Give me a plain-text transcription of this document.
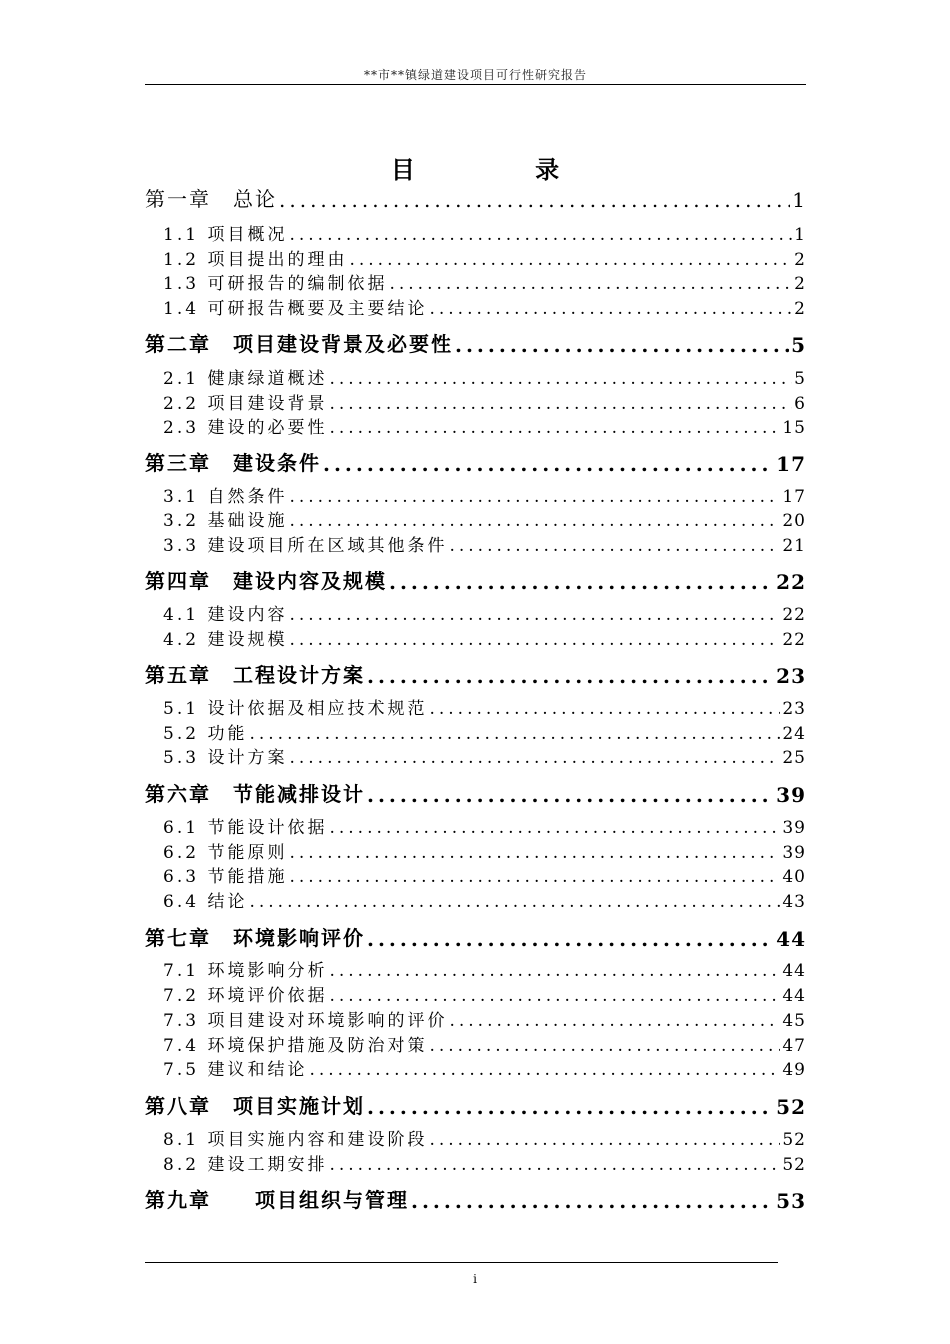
**市**镇绿道建设项目可行性研究报告
目 录
第一章　总论 .....	1
1.1 项目概况 .....	1
1.2 项目提出的理由 .....	2
1.3 可研报告的编制依据 .....	2
1.4 可研报告概要及主要结论 .....	2
第二章　项目建设背景及必要性 .....	5
2.1 健康绿道概述 .....	5
2.2 项目建设背景 .....	6
2.3 建设的必要性 .....	15
第三章　建设条件 .....	17
3.1 自然条件 .....	17
3.2 基础设施 .....	20
3.3 建设项目所在区域其他条件 .....	21
第四章　建设内容及规模 .....	22
4.1 建设内容 .....	22
4.2 建设规模 .....	22
第五章　工程设计方案 .....	23
5.1 设计依据及相应技术规范 .....	23
5.2 功能 .....	24
5.3 设计方案 .....	25
第六章　节能减排设计 .....	39
6.1 节能设计依据 .....	39
6.2 节能原则 .....	39
6.3 节能措施 .....	40
6.4 结论 .....	43
第七章　环境影响评价 .....	44
7.1 环境影响分析 .....	44
7.2 环境评价依据 .....	44
7.3 项目建设对环境影响的评价 .....	45
7.4 环境保护措施及防治对策 .....	47
7.5 建议和结论 .....	49
第八章　项目实施计划 .....	52
8.1 项目实施内容和建设阶段 .....	52
8.2 建设工期安排 .....	52
第九章　　项目组织与管理 .....	53
i
